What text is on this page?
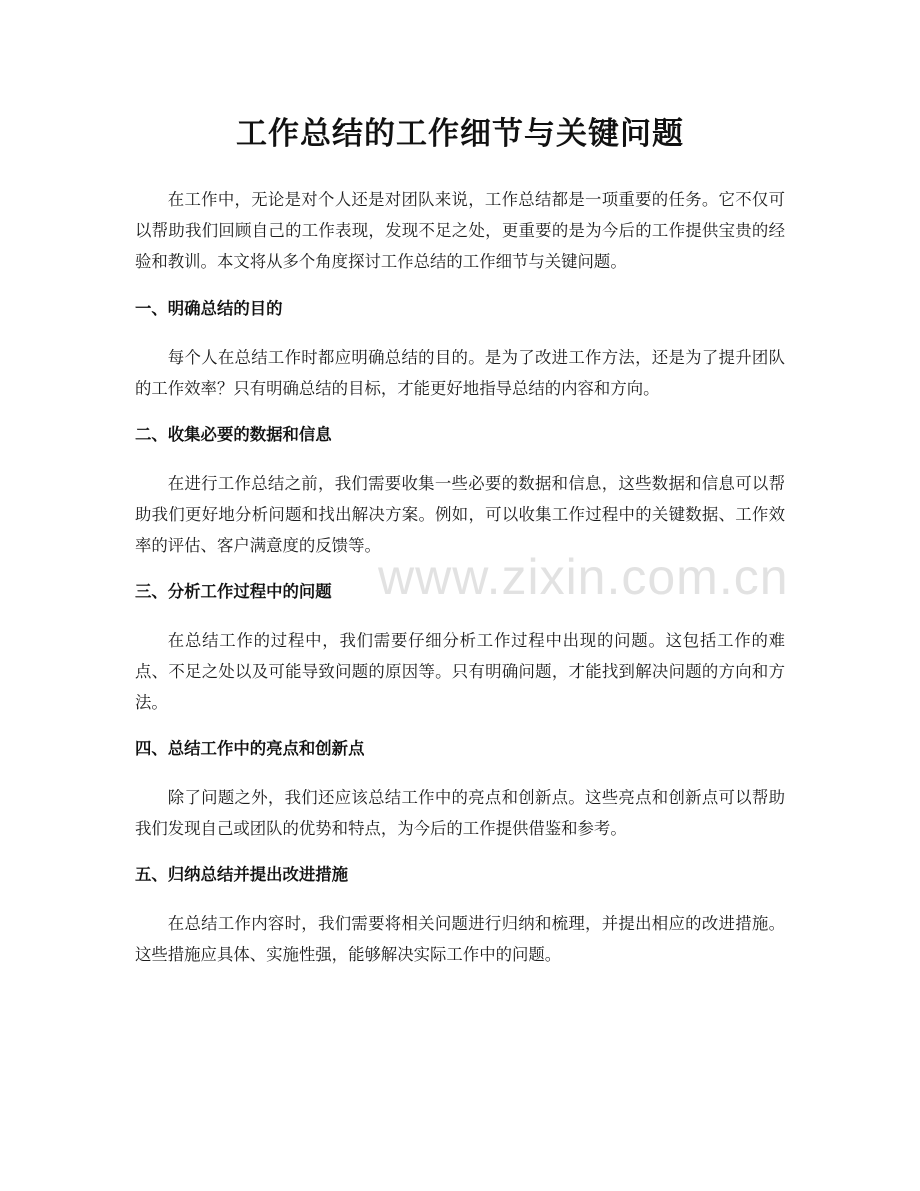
工作总结的工作细节与关键问题

在工作中，无论是对个人还是对团队来说，工作总结都是一项重要的任务。它不仅可以帮助我们回顾自己的工作表现，发现不足之处，更重要的是为今后的工作提供宝贵的经验和教训。本文将从多个角度探讨工作总结的工作细节与关键问题。

一、明确总结的目的

每个人在总结工作时都应明确总结的目的。是为了改进工作方法，还是为了提升团队的工作效率？只有明确总结的目标，才能更好地指导总结的内容和方向。

二、收集必要的数据和信息

在进行工作总结之前，我们需要收集一些必要的数据和信息，这些数据和信息可以帮助我们更好地分析问题和找出解决方案。例如，可以收集工作过程中的关键数据、工作效率的评估、客户满意度的反馈等。

三、分析工作过程中的问题

在总结工作的过程中，我们需要仔细分析工作过程中出现的问题。这包括工作的难点、不足之处以及可能导致问题的原因等。只有明确问题，才能找到解决问题的方向和方法。

四、总结工作中的亮点和创新点

除了问题之外，我们还应该总结工作中的亮点和创新点。这些亮点和创新点可以帮助我们发现自己或团队的优势和特点，为今后的工作提供借鉴和参考。

五、归纳总结并提出改进措施

在总结工作内容时，我们需要将相关问题进行归纳和梳理，并提出相应的改进措施。这些措施应具体、实施性强，能够解决实际工作中的问题。

www.zixin.com.cn
